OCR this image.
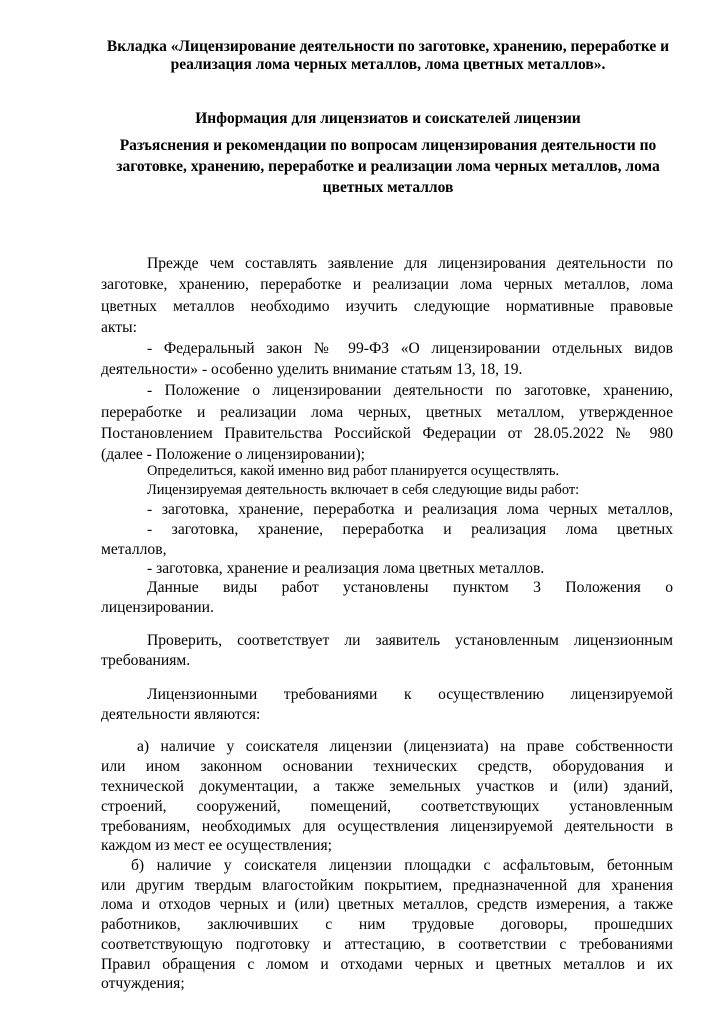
Вкладка «Лицензирование деятельности по заготовке, хранению, переработке и реализация лома черных металлов, лома цветных металлов».
Информация для лицензиатов и соискателей лицензии
Разъяснения и рекомендации по вопросам лицензирования деятельности по заготовке, хранению, переработке и реализации лома черных металлов, лома цветных металлов
Прежде чем составлять заявление для лицензирования деятельности по
заготовке, хранению, переработке и реализации лома черных металлов, лома
цветных металлов необходимо изучить следующие нормативные правовые
акты:
- Федеральный закон № 99-ФЗ «О лицензировании отдельных видов
деятельности» - особенно уделить внимание статьям 13, 18, 19.
- Положение о лицензировании деятельности по заготовке, хранению,
переработке и реализации лома черных, цветных металлом, утвержденное
Постановлением Правительства Российской Федерации от 28.05.2022 № 980
(далее - Положение о лицензировании);
Определиться, какой именно вид работ планируется осуществлять.
Лицензируемая деятельность включает в себя следующие виды работ:
- заготовка, хранение, переработка и реализация лома черных металлов,
- заготовка, хранение, переработка и реализация лома цветных
металлов,
- заготовка, хранение и реализация лома цветных металлов.
Данные виды работ установлены пунктом 3 Положения о
лицензировании.
Проверить, соответствует ли заявитель установленным лицензионным
требованиям.
Лицензионными требованиями к осуществлению лицензируемой
деятельности являются:
а) наличие у соискателя лицензии (лицензиата) на праве собственности
или ином законном основании технических средств, оборудования и
технической документации, а также земельных участков и (или) зданий,
строений, сооружений, помещений, соответствующих установленным
требованиям, необходимых для осуществления лицензируемой деятельности в
каждом из мест ее осуществления;
б) наличие у соискателя лицензии площадки с асфальтовым, бетонным
или другим твердым влагостойким покрытием, предназначенной для хранения
лома и отходов черных и (или) цветных металлов, средств измерения, а также
работников, заключивших с ним трудовые договоры, прошедших
соответствующую подготовку и аттестацию, в соответствии с требованиями
Правил обращения с ломом и отходами черных и цветных металлов и их
отчуждения;
